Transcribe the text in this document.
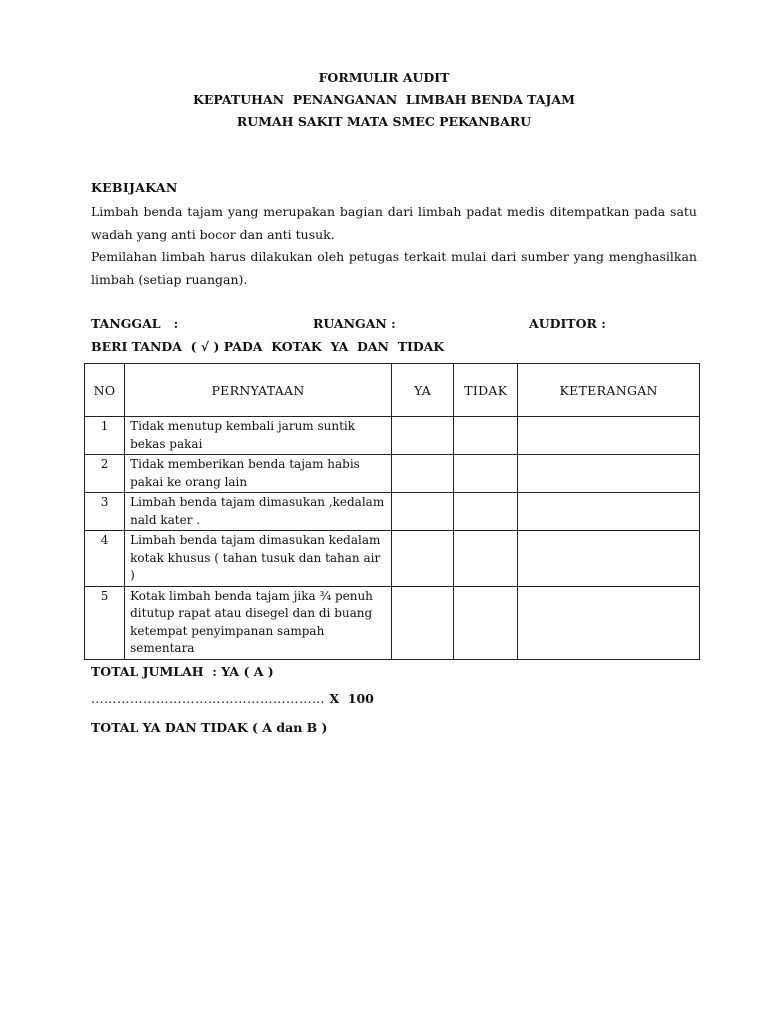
FORMULIR AUDIT
KEPATUHAN  PENANGANAN  LIMBAH BENDA TAJAM
RUMAH SAKIT MATA SMEC PEKANBARU
KEBIJAKAN

Limbah benda tajam yang merupakan bagian dari limbah padat medis ditempatkan pada satu wadah yang anti bocor dan anti tusuk.

Pemilahan limbah harus dilakukan oleh petugas terkait mulai dari sumber yang menghasilkan limbah (setiap ruangan).

TANGGAL   :	RUANGAN :	AUDITOR :
BERI TANDA  ( √ ) PADA  KOTAK  YA  DAN  TIDAK
NO	PERNYATAAN	YA	TIDAK	KETERANGAN
1	Tidak menutup kembali jarum suntik bekas pakai			
2	Tidak memberikan benda tajam habis pakai ke orang lain			
3	Limbah benda tajam dimasukan ,kedalam nald kater .			
4	Limbah benda tajam dimasukan kedalam kotak khusus ( tahan tusuk dan tahan air )			
5	Kotak limbah benda tajam jika ¾ penuh ditutup rapat atau disegel dan di buang ketempat penyimpanan sampah sementara			
TOTAL JUMLAH  : YA ( A )
……………………………………………… X  100
TOTAL YA DAN TIDAK ( A dan B )
